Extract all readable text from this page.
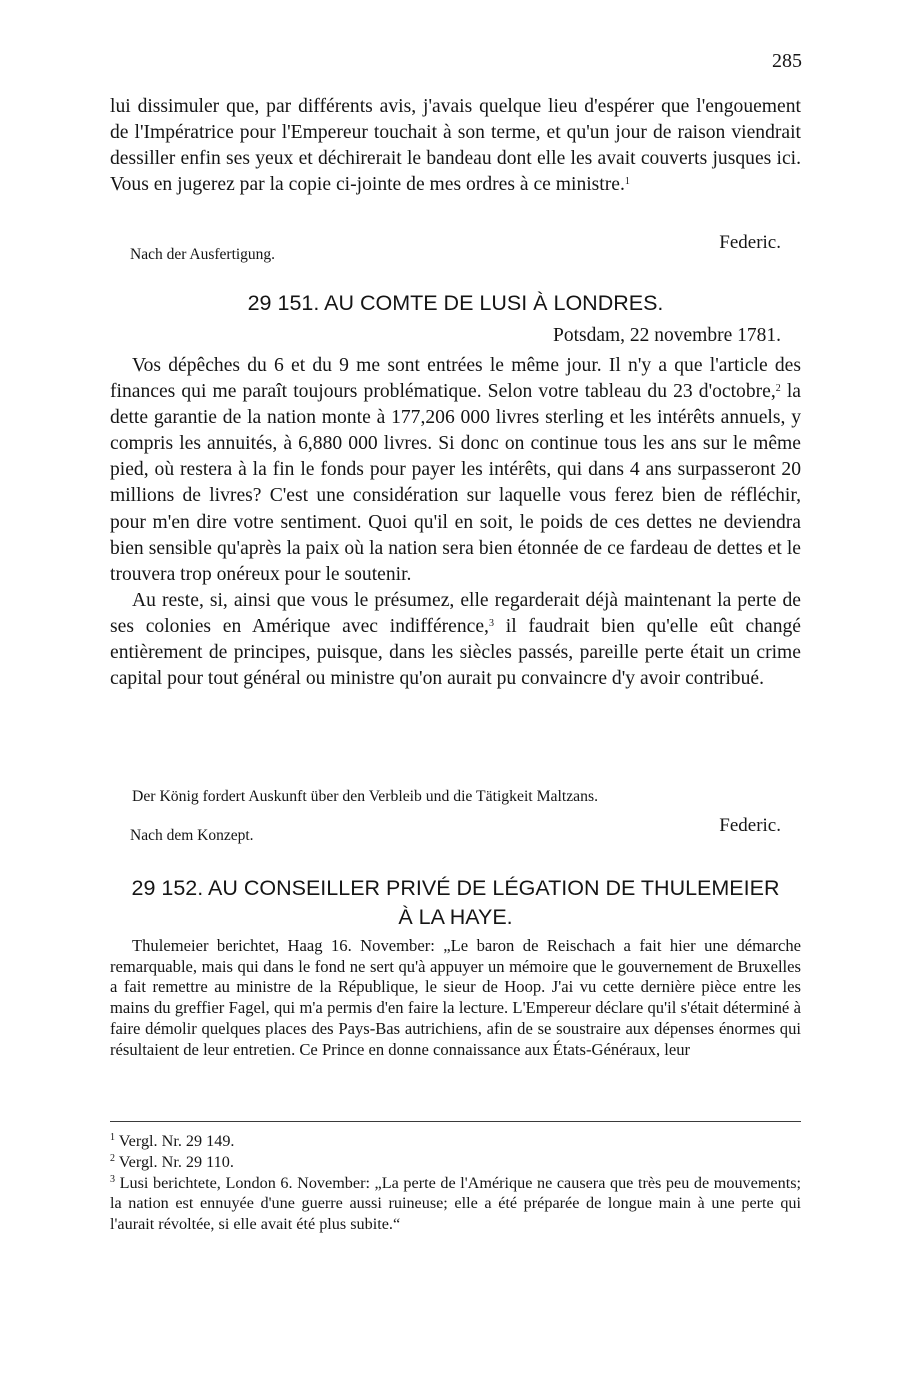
285

lui dissimuler que, par différents avis, j'avais quelque lieu d'espérer que l'engouement de l'Impératrice pour l'Empereur touchait à son terme, et qu'un jour de raison viendrait dessiller enfin ses yeux et déchirerait le bandeau dont elle les avait couverts jusques ici. Vous en jugerez par la copie ci-jointe de mes ordres à ce ministre.$^1$

Nach der Ausfertigung.
Federic.

29 151. AU COMTE DE LUSI À LONDRES.

Potsdam, 22 novembre 1781.

Vos dépêches du 6 et du 9 me sont entrées le même jour. Il n'y a que l'article des finances qui me paraît toujours problématique. Selon votre tableau du 23 d'octobre,$^2$ la dette garantie de la nation monte à 177,206 000 livres sterling et les intérêts annuels, y compris les annuités, à 6,880 000 livres. Si donc on continue tous les ans sur le même pied, où restera à la fin le fonds pour payer les intérêts, qui dans 4 ans surpasseront 20 millions de livres? C'est une considération sur laquelle vous ferez bien de réfléchir, pour m'en dire votre sentiment. Quoi qu'il en soit, le poids de ces dettes ne deviendra bien sensible qu'après la paix où la nation sera bien étonnée de ce fardeau de dettes et le trouvera trop onéreux pour le soutenir.

Au reste, si, ainsi que vous le présumez, elle regarderait déjà maintenant la perte de ses colonies en Amérique avec indifférence,$^3$ il faudrait bien qu'elle eût changé entièrement de principes, puisque, dans les siècles passés, pareille perte était un crime capital pour tout général ou ministre qu'on aurait pu convaincre d'y avoir contribué.

Der König fordert Auskunft über den Verbleib und die Tätigkeit Maltzans.

Nach dem Konzept.	Federic.

29 152. AU CONSEILLER PRIVÉ DE LÉGATION DE THULEMEIER

À LA HAYE.

Thulemeier berichtet, Haag 16. November: „Le baron de Reischach a fait hier une démarche remarquable, mais qui dans le fond ne sert qu'à appuyer un mémoire que le gouvernement de Bruxelles a fait remettre au ministre de la République, le sieur de Hoop. J'ai vu cette dernière pièce entre les mains du greffier Fagel, qui m'a permis d'en faire la lecture. L'Empereur déclare qu'il s'était déterminé à faire démolir quelques places des Pays-Bas autrichiens, afin de se soustraire aux dépenses énormes qui résultaient de leur entretien. Ce Prince en donne connaissance aux États-Généraux, leur

$^1$ Vergl. Nr. 29 149.

$^2$ Vergl. Nr. 29 110.

$^3$ Lusi berichtete, London 6. November: „La perte de l'Amérique ne causera que très peu de mouvements; la nation est ennuyée d'une guerre aussi ruineuse; elle a été préparée de longue main à une perte qui l'aurait révoltée, si elle avait été plus subite.“
